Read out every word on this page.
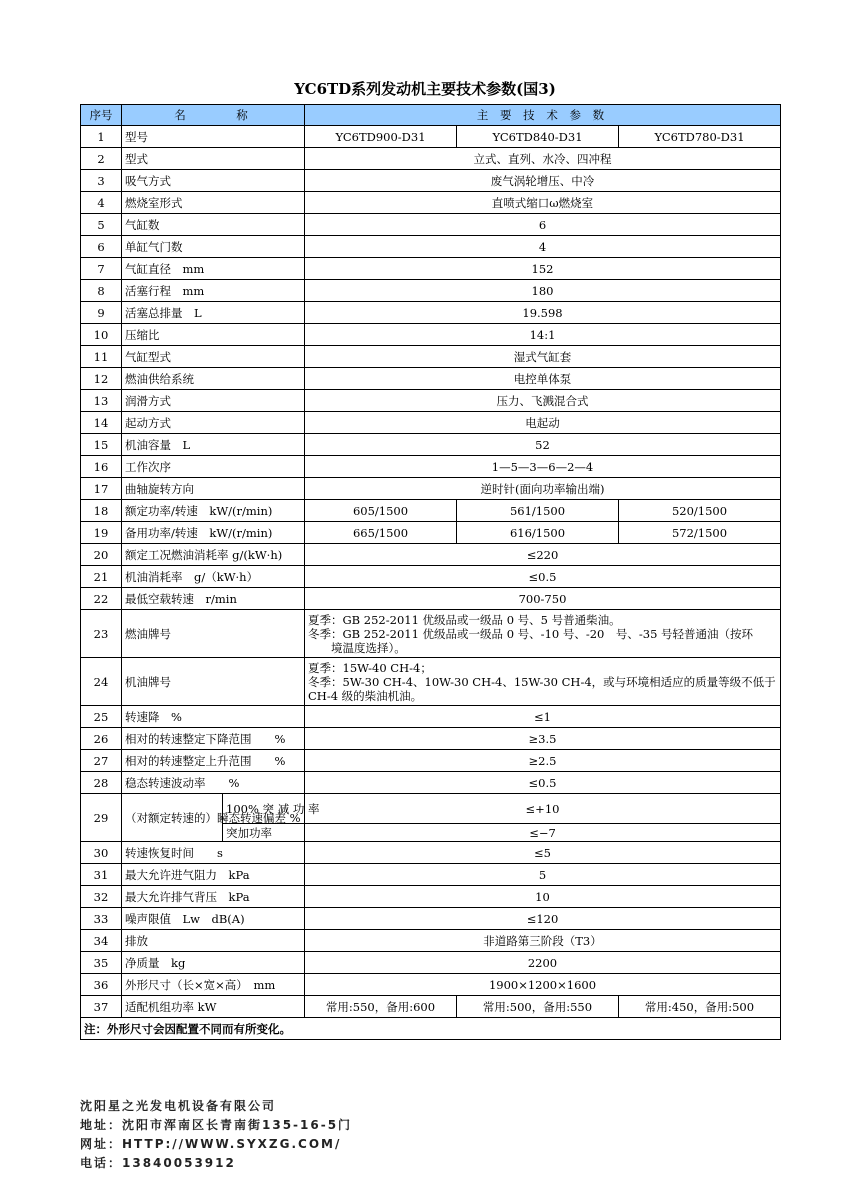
YC6TD系列发动机主要技术参数(国3)
序号	名　　　称		主 要 技 术 参 数		
1	型号		YC6TD900-D31	YC6TD840-D31	YC6TD780-D31
2	型式		立式、直列、水冷、四冲程		
3	吸气方式		废气涡轮增压、中冷		
4	燃烧室形式		直喷式缩口ω燃烧室		
5	气缸数		6		
6	单缸气门数		4		
7	气缸直径　mm		152		
8	活塞行程　mm		180		
9	活塞总排量　L		19.598		
10	压缩比		14:1		
11	气缸型式		湿式气缸套		
12	燃油供给系统		电控单体泵		
13	润滑方式		压力、飞溅混合式		
14	起动方式		电起动		
15	机油容量　L		52		
16	工作次序		1—5—3—6—2—4		
17	曲轴旋转方向		逆时针(面向功率输出端)		
18	额定功率/转速　kW/(r/min)		605/1500	561/1500	520/1500
19	备用功率/转速　kW/(r/min)		665/1500	616/1500	572/1500
20	额定工况燃油消耗率 g/(kW·h)		≤220		
21	机油消耗率　g/（kW·h）		≤0.5		
22	最低空载转速　r/min		700-750		
23	燃油牌号		夏季：GB 252-2011 优级品或一级品 0 号、5 号普通柴油。
冬季：GB 252-2011 优级品或一级品 0 号、-10 号、-20　号、-35 号轻普通油（按环
　　境温度选择）。		

24	机油牌号		夏季：15W-40 CH-4；
冬季：5W-30 CH-4、10W-30 CH-4、15W-30 CH-4，或与环境相适应的质量等级不低于
CH-4 级的柴油机油。		

25	转速降　%		≤1		
26	相对的转速整定下降范围　　%		≥3.5		
27	相对的转速整定上升范围　　%		≥2.5		
28	稳态转速波动率　　%		≤0.5		
29	（对额定转速的）瞬态转速偏差 %	100% 突 减 功 率	≤+10		
		突加功率	≤−7		
30	转速恢复时间　　s		≤5		
31	最大允许进气阻力　kPa		5		
32	最大允许排气背压　kPa		10		
33	噪声限值　Lw　dB(A)		≤120		
34	排放		非道路第三阶段（T3）		
35	净质量　kg		2200		
36	外形尺寸（长×宽×高）　mm		1900×1200×1600		
37	适配机组功率 kW		常用:550，备用:600	常用:500，备用:550	常用:450，备用:500
注：外形尺寸会因配置不同而有所变化。					
沈阳星之光发电机设备有限公司
地址：沈阳市浑南区长青南街135-16-5门
网址：HTTP://WWW.SYXZG.COM/
电话：13840053912
